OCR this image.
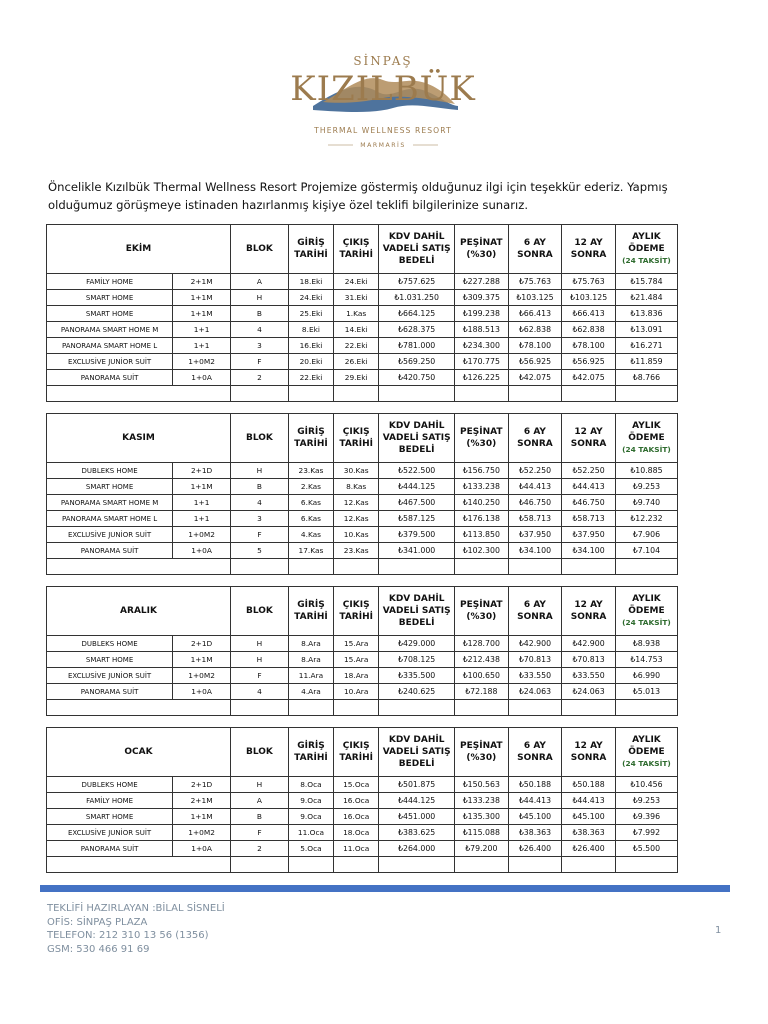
SİNPAŞ
KIZILBÜK
THERMAL WELLNESS RESORT
MARMARİS
Öncelikle Kızılbük Thermal Wellness Resort Projemize göstermiş olduğunuz ilgi için teşekkür ederiz. Yapmış
olduğumuz görüşmeye istinaden hazırlanmış kişiye özel teklifi bilgilerinize sunarız.
EKİM		BLOK	GİRİŞ TARİHİ	ÇIKIŞ TARİHİ	KDV DAHİL VADELİ SATIŞ BEDELİ	PEŞİNAT (%30)	6 AY SONRA	12 AY SONRA	AYLIK ÖDEME
(24 TAKSİT)

FAMİLY HOME	2+1M	A	18.Eki	24.Eki	₺757.625	₺227.288	₺75.763	₺75.763	₺15.784
SMART HOME	1+1M	H	24.Eki	31.Eki	₺1.031.250	₺309.375	₺103.125	₺103.125	₺21.484
SMART HOME	1+1M	B	25.Eki	1.Kas	₺664.125	₺199.238	₺66.413	₺66.413	₺13.836
PANORAMA SMART HOME M	1+1	4	8.Eki	14.Eki	₺628.375	₺188.513	₺62.838	₺62.838	₺13.091
PANORAMA SMART HOME L	1+1	3	16.Eki	22.Eki	₺781.000	₺234.300	₺78.100	₺78.100	₺16.271
EXCLUSİVE JUNİOR SUİT	1+0M2	F	20.Eki	26.Eki	₺569.250	₺170.775	₺56.925	₺56.925	₺11.859
PANORAMA SUİT	1+0A	2	22.Eki	29.Eki	₺420.750	₺126.225	₺42.075	₺42.075	₺8.766

KASIM		BLOK	GİRİŞ TARİHİ	ÇIKIŞ TARİHİ	KDV DAHİL VADELİ SATIŞ BEDELİ	PEŞİNAT (%30)	6 AY SONRA	12 AY SONRA	AYLIK ÖDEME
(24 TAKSİT)

DUBLEKS HOME	2+1D	H	23.Kas	30.Kas	₺522.500	₺156.750	₺52.250	₺52.250	₺10.885
SMART HOME	1+1M	B	2.Kas	8.Kas	₺444.125	₺133.238	₺44.413	₺44.413	₺9.253
PANORAMA SMART HOME M	1+1	4	6.Kas	12.Kas	₺467.500	₺140.250	₺46.750	₺46.750	₺9.740
PANORAMA SMART HOME L	1+1	3	6.Kas	12.Kas	₺587.125	₺176.138	₺58.713	₺58.713	₺12.232
EXCLUSİVE JUNİOR SUİT	1+0M2	F	4.Kas	10.Kas	₺379.500	₺113.850	₺37.950	₺37.950	₺7.906
PANORAMA SUİT	1+0A	5	17.Kas	23.Kas	₺341.000	₺102.300	₺34.100	₺34.100	₺7.104

ARALIK		BLOK	GİRİŞ TARİHİ	ÇIKIŞ TARİHİ	KDV DAHİL VADELİ SATIŞ BEDELİ	PEŞİNAT (%30)	6 AY SONRA	12 AY SONRA	AYLIK ÖDEME
(24 TAKSİT)

DUBLEKS HOME	2+1D	H	8.Ara	15.Ara	₺429.000	₺128.700	₺42.900	₺42.900	₺8.938
SMART HOME	1+1M	H	8.Ara	15.Ara	₺708.125	₺212.438	₺70.813	₺70.813	₺14.753
EXCLUSİVE JUNİOR SUİT	1+0M2	F	11.Ara	18.Ara	₺335.500	₺100.650	₺33.550	₺33.550	₺6.990
PANORAMA SUİT	1+0A	4	4.Ara	10.Ara	₺240.625	₺72.188	₺24.063	₺24.063	₺5.013

OCAK		BLOK	GİRİŞ TARİHİ	ÇIKIŞ TARİHİ	KDV DAHİL VADELİ SATIŞ BEDELİ	PEŞİNAT (%30)	6 AY SONRA	12 AY SONRA	AYLIK ÖDEME
(24 TAKSİT)

DUBLEKS HOME	2+1D	H	8.Oca	15.Oca	₺501.875	₺150.563	₺50.188	₺50.188	₺10.456
FAMİLY HOME	2+1M	A	9.Oca	16.Oca	₺444.125	₺133.238	₺44.413	₺44.413	₺9.253
SMART HOME	1+1M	B	9.Oca	16.Oca	₺451.000	₺135.300	₺45.100	₺45.100	₺9.396
EXCLUSİVE JUNİOR SUİT	1+0M2	F	11.Oca	18.Oca	₺383.625	₺115.088	₺38.363	₺38.363	₺7.992
PANORAMA SUİT	1+0A	2	5.Oca	11.Oca	₺264.000	₺79.200	₺26.400	₺26.400	₺5.500

TEKLİFİ HAZIRLAYAN :BİLAL SİSNELİ
OFİS: SİNPAŞ PLAZA
TELEFON: 212 310 13 56 (1356)
GSM: 530 466 91 69
1
